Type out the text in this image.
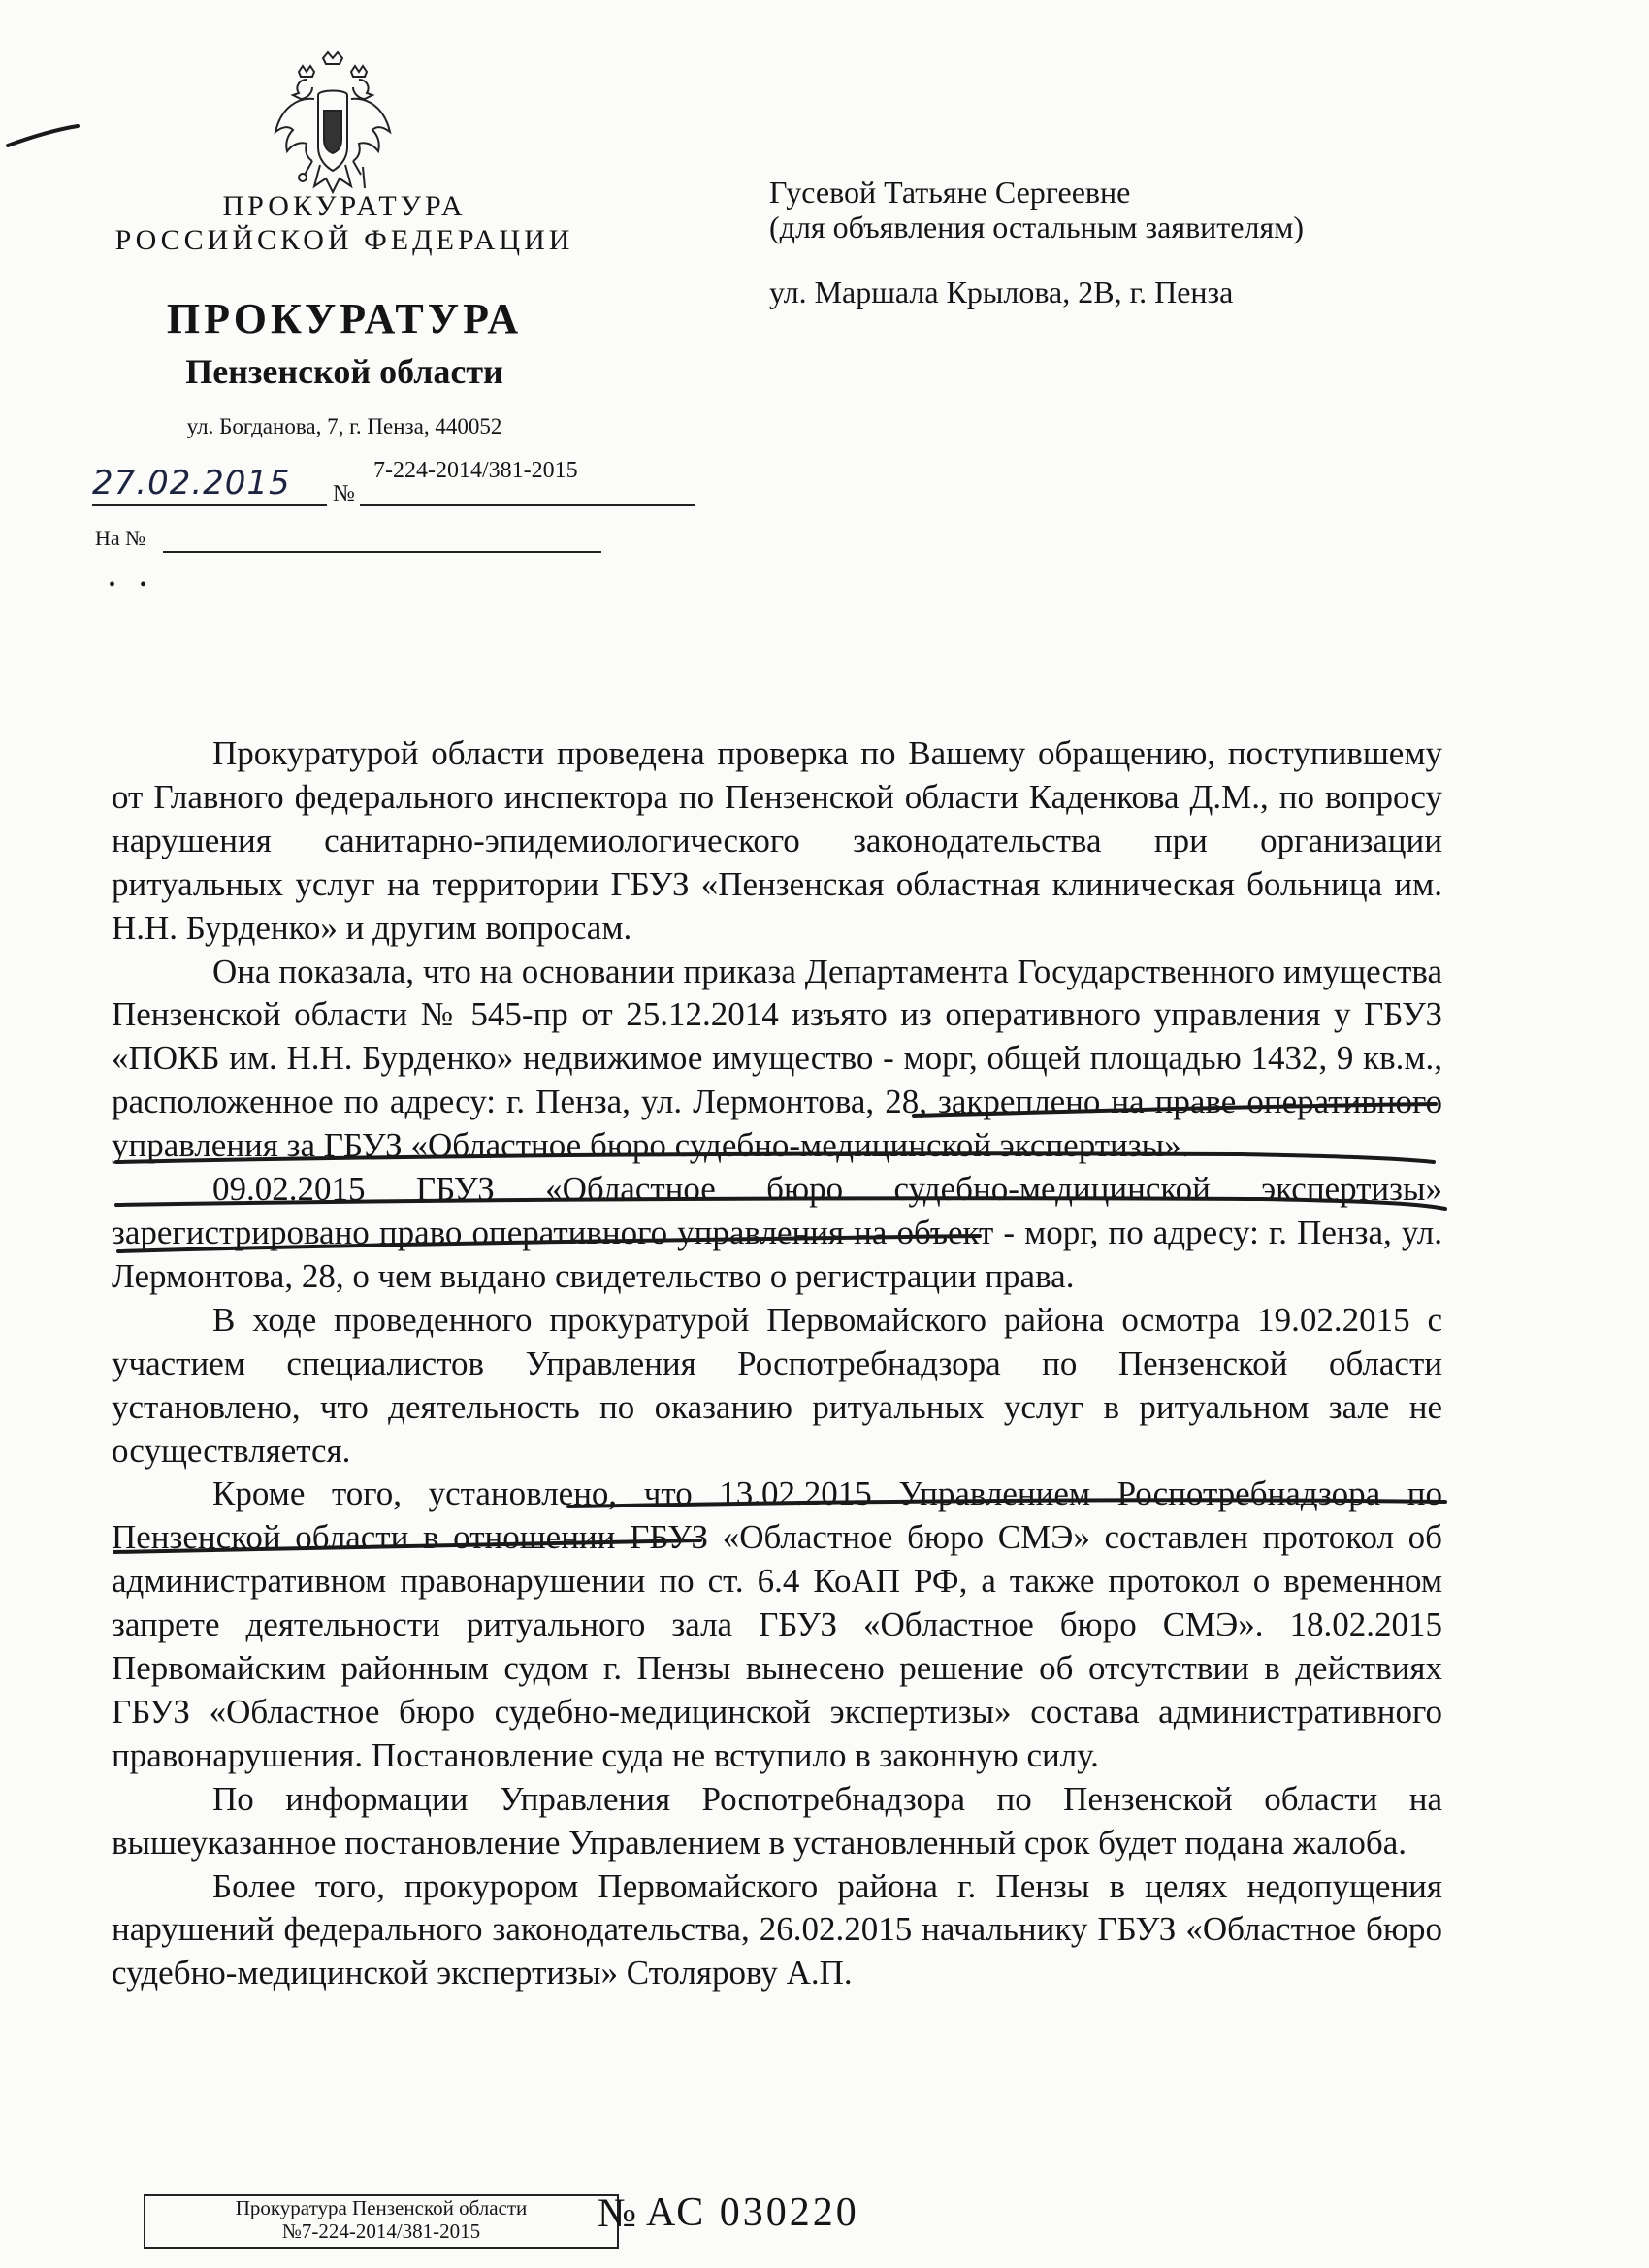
ПРОКУРАТУРА
РОССИЙСКОЙ ФЕДЕРАЦИИ
ПРОКУРАТУРА
Пензенской области
ул. Богданова, 7, г. Пенза, 440052
27.02.2015	№
7-224-2014/381-2015
На №
• •
Гусевой Татьяне Сергеевне
(для объявления остальным заявителям)
ул. Маршала Крылова, 2В, г. Пенза

Прокуратурой области проведена проверка по Вашему обращению, поступившему от Главного федерального инспектора по Пензенской области Каденкова Д.М., по вопросу нарушения санитарно-эпидемиологического законодательства при организации ритуальных услуг на территории ГБУЗ «Пензенская областная клиническая больница им. Н.Н. Бурденко» и другим вопросам.

Она показала, что на основании приказа Департамента Государственного имущества Пензенской области № 545-пр от 25.12.2014 изъято из оперативного управления у ГБУЗ «ПОКБ им. Н.Н. Бурденко» недвижимое имущество - морг, общей площадью 1432, 9 кв.м., расположенное по адресу: г. Пенза, ул. Лермонтова, 28, закреплено на праве оперативного управления за ГБУЗ «Областное бюро судебно-медицинской экспертизы».

09.02.2015 ГБУЗ «Областное бюро судебно-медицинской экспертизы» зарегистрировано право оперативного управления на объект - морг, по адресу: г. Пенза, ул. Лермонтова, 28, о чем выдано свидетельство о регистрации права.

В ходе проведенного прокуратурой Первомайского района осмотра 19.02.2015 с участием специалистов Управления Роспотребнадзора по Пензенской области установлено, что деятельность по оказанию ритуальных услуг в ритуальном зале не осуществляется.

Кроме того, установлено, что 13.02.2015 Управлением Роспотребнадзора по Пензенской области в отношении ГБУЗ «Областное бюро СМЭ» составлен протокол об административном правонарушении по ст. 6.4 КоАП РФ, а также протокол о временном запрете деятельности ритуального зала ГБУЗ «Областное бюро СМЭ». 18.02.2015 Первомайским районным судом г. Пензы вынесено решение об отсутствии в действиях ГБУЗ «Областное бюро судебно-медицинской экспертизы» состава административного правонарушения. Постановление суда не вступило в законную силу.

По информации Управления Роспотребнадзора по Пензенской области на вышеуказанное постановление Управлением в установленный срок будет подана жалоба.

Более того, прокурором Первомайского района г. Пензы в целях недопущения нарушений федерального законодательства, 26.02.2015 начальнику ГБУЗ «Областное бюро судебно-медицинской экспертизы» Столярову А.П.

Прокуратура Пензенской области
№7-224-2014/381-2015	№ АС 030220
